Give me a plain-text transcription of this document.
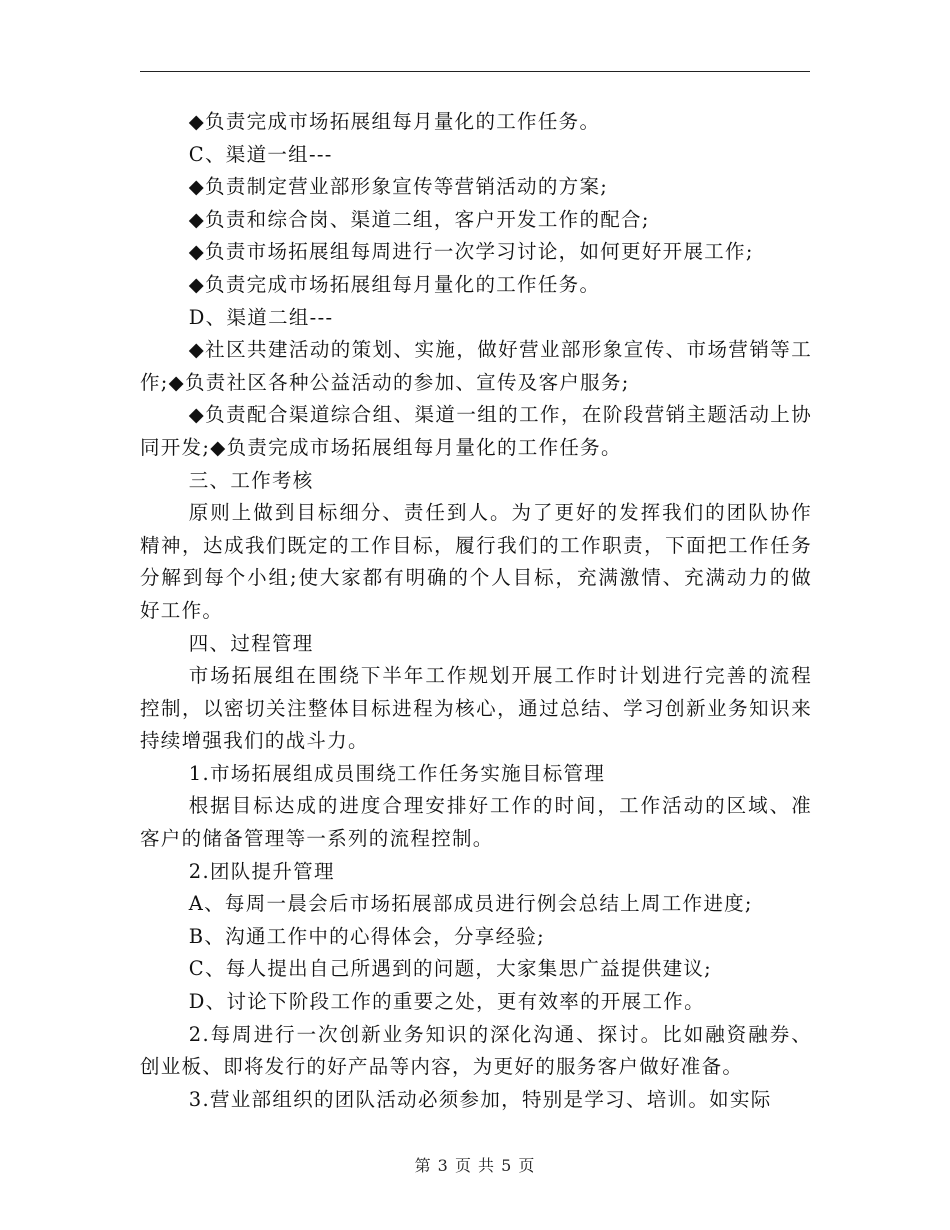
◆负责完成市场拓展组每月量化的工作任务。

C、渠道一组---

◆负责制定营业部形象宣传等营销活动的方案;

◆负责和综合岗、渠道二组，客户开发工作的配合;

◆负责市场拓展组每周进行一次学习讨论，如何更好开展工作;

◆负责完成市场拓展组每月量化的工作任务。

D、渠道二组---

◆社区共建活动的策划、实施，做好营业部形象宣传、市场营销等工作;◆负责社区各种公益活动的参加、宣传及客户服务;

◆负责配合渠道综合组、渠道一组的工作，在阶段营销主题活动上协同开发;◆负责完成市场拓展组每月量化的工作任务。

三、工作考核

原则上做到目标细分、责任到人。为了更好的发挥我们的团队协作精神，达成我们既定的工作目标，履行我们的工作职责，下面把工作任务分解到每个小组;使大家都有明确的个人目标，充满激情、充满动力的做好工作。

四、过程管理

市场拓展组在围绕下半年工作规划开展工作时计划进行完善的流程控制，以密切关注整体目标进程为核心，通过总结、学习创新业务知识来持续增强我们的战斗力。

1.市场拓展组成员围绕工作任务实施目标管理

根据目标达成的进度合理安排好工作的时间，工作活动的区域、准客户的储备管理等一系列的流程控制。

2.团队提升管理

A、每周一晨会后市场拓展部成员进行例会总结上周工作进度;

B、沟通工作中的心得体会，分享经验;

C、每人提出自己所遇到的问题，大家集思广益提供建议;

D、讨论下阶段工作的重要之处，更有效率的开展工作。

2.每周进行一次创新业务知识的深化沟通、探讨。比如融资融券、创业板、即将发行的好产品等内容，为更好的服务客户做好准备。

3.营业部组织的团队活动必须参加，特别是学习、培训。如实际

第 3 页 共 5 页
